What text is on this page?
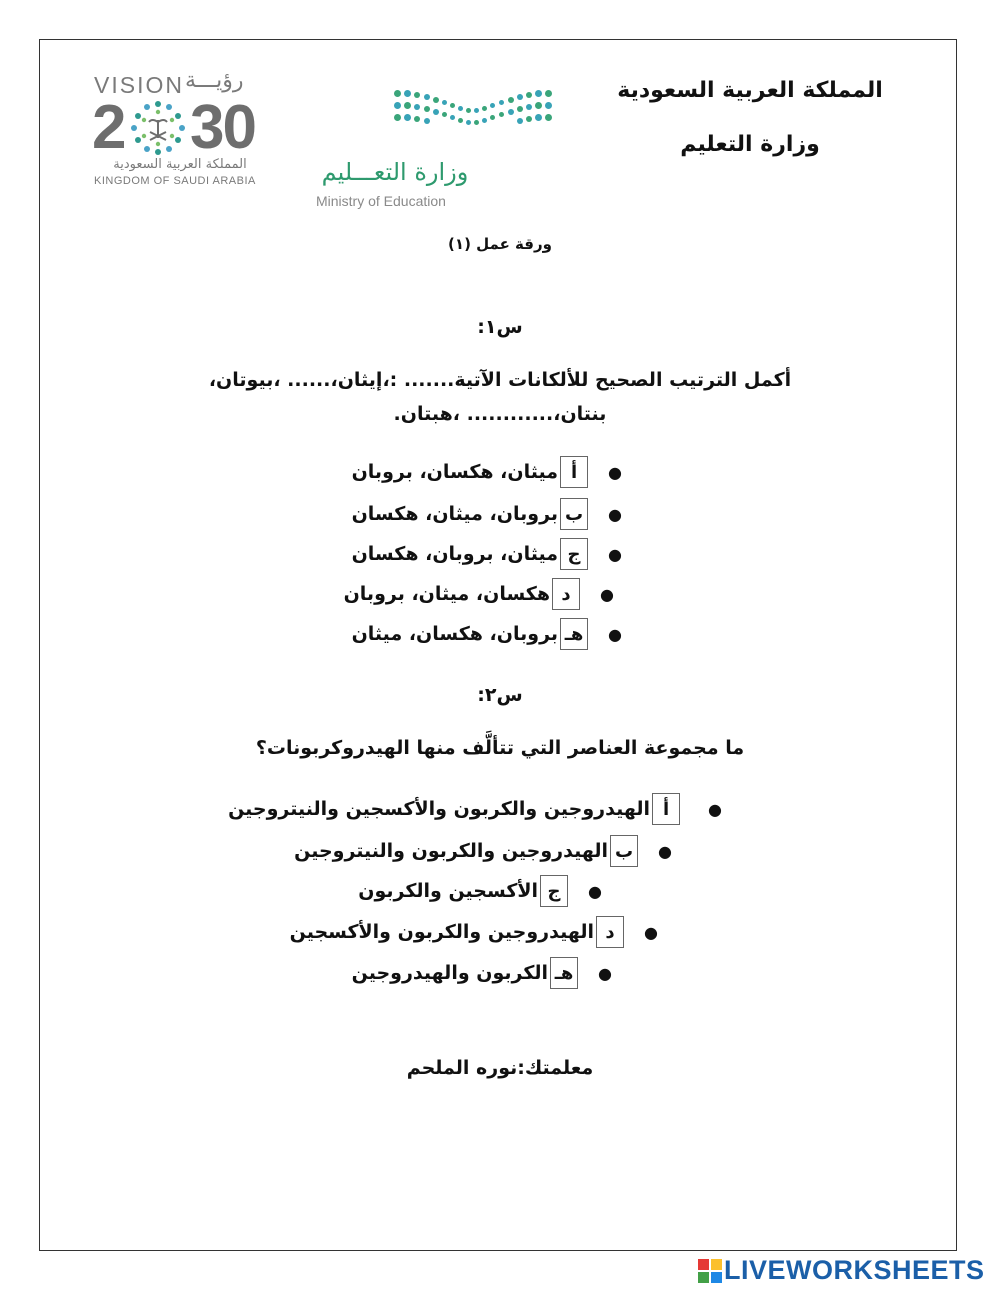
VISION رؤيـــة
2 30
المملكة العربية السعودية
KINGDOM OF SAUDI ARABIA	وزارة التعـــليم
Ministry of Education
المملكة العربية السعودية
وزارة التعليم
ورقة عمل (١)
س١:
أكمل الترتيب الصحيح للألكانات الآتية....... :،إيثان،...... ،بيوتان،
بنتان،............ ،هبتان.
●
أ
ميثان، هكسان، بروبان
●
ب
بروبان، ميثان، هكسان
●
ج
ميثان، بروبان، هكسان
●
د
هكسان، ميثان، بروبان
●
هـ
بروبان، هكسان، ميثان
س٢:
ما مجموعة العناصر التي تتألَّف منها الهيدروكربونات؟
●
أ
الهيدروجين والكربون والأكسجين والنيتروجين
●
ب
الهيدروجين والكربون والنيتروجين
●
ج
الأكسجين والكربون
●
د
الهيدروجين والكربون والأكسجين
●
هـ
الكربون والهيدروجين
معلمتك:نوره الملحم
LIVEWORKSHEETS
